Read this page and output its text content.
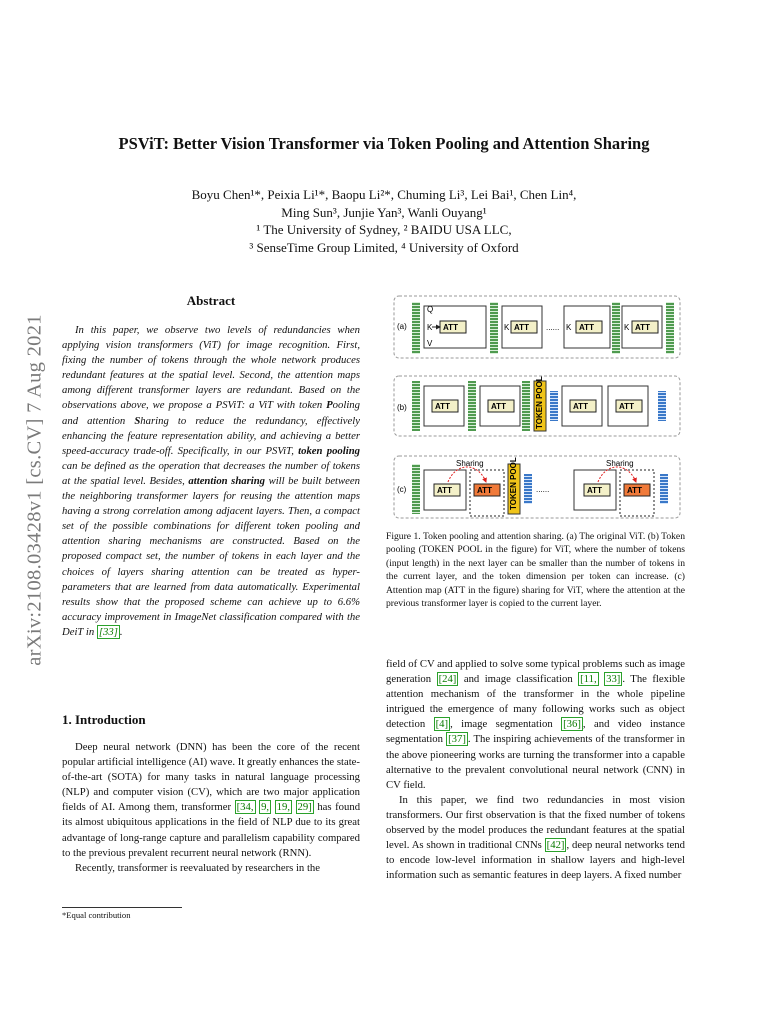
arXiv:2108.03428v1 [cs.CV] 7 Aug 2021
PSViT: Better Vision Transformer via Token Pooling and Attention Sharing
Boyu Chen¹*, Peixia Li¹*, Baopu Li²*, Chuming Li³, Lei Bai¹, Chen Lin⁴,
Ming Sun³, Junjie Yan³, Wanli Ouyang¹
¹ The University of Sydney, ² BAIDU USA LLC,
³ SenseTime Group Limited, ⁴ University of Oxford
Abstract
In this paper, we observe two levels of redundancies when applying vision transformers (ViT) for image recognition. First, fixing the number of tokens through the whole network produces redundant features at the spatial level. Second, the attention maps among different transformer layers are redundant. Based on the observations above, we propose a PSViT: a ViT with token Pooling and attention Sharing to reduce the redundancy, effectively enhancing the feature representation ability, and achieving a better speed-accuracy trade-off. Specifically, in our PSViT, token pooling can be defined as the operation that decreases the number of tokens at the spatial level. Besides, attention sharing will be built between the neighboring transformer layers for reusing the attention maps having a strong correlation among adjacent layers. Then, a compact set of the possible combinations for different token pooling and attention sharing mechanisms are constructed. Based on the proposed compact set, the number of tokens in each layer and the choices of layers sharing attention can be treated as hyper-parameters that are learned from data automatically. Experimental results show that the proposed scheme can achieve up to 6.6% accuracy improvement in ImageNet classification compared with the DeiT in [33] .
1. Introduction

Deep neural network (DNN) has been the core of the recent popular artificial intelligence (AI) wave. It greatly enhances the state-of-the-art (SOTA) for many tasks in natural language processing (NLP) and computer vision (CV), which are two major application fields of AI. Among them, transformer [34, 9, 19, 29] has found its almost ubiquitous applications in the field of NLP due to its great advantage of long-range capture and parallelism capability compared to the previous prevalent recurrent neural network (RNN).

Recently, transformer is reevaluated by researchers in the

*Equal contribution
(a)
Q
K
V
ATT	K ATT ...... K ATT	K ATT
(b)	ATT	ATT	TOKEN POOL	ATT	ATT
(c)
Sharing	Sharing
ATT	ATT TOKEN POOL ......	ATT	ATT
Figure 1. Token pooling and attention sharing. (a) The original ViT. (b) Token pooling (TOKEN POOL in the figure) for ViT, where the number of tokens (input length) in the next layer can be smaller than the number of tokens in the current layer, and the token dimension per token can increase. (c) Attention map (ATT in the figure) sharing for ViT, where the attention at the previous transformer layer is copied to the current layer.

field of CV and applied to solve some typical problems such as image generation [24] and image classification [11, 33] . The flexible attention mechanism of the transformer in the whole pipeline intrigued the emergence of many following works such as object detection [4] , image segmentation [36] , and video instance segmentation [37] . The inspiring achievements of the transformer in the above pioneering works are turning the transformer into a capable alternative to the prevalent convolutional neural network (CNN) in CV field.

In this paper, we find two redundancies in most vision transformers. Our first observation is that the fixed number of tokens observed by the model produces the redundant features at the spatial level. As shown in traditional CNNs [42] , deep neural networks tend to encode low-level information in shallow layers and high-level information such as semantic features in deep layers. A fixed number
